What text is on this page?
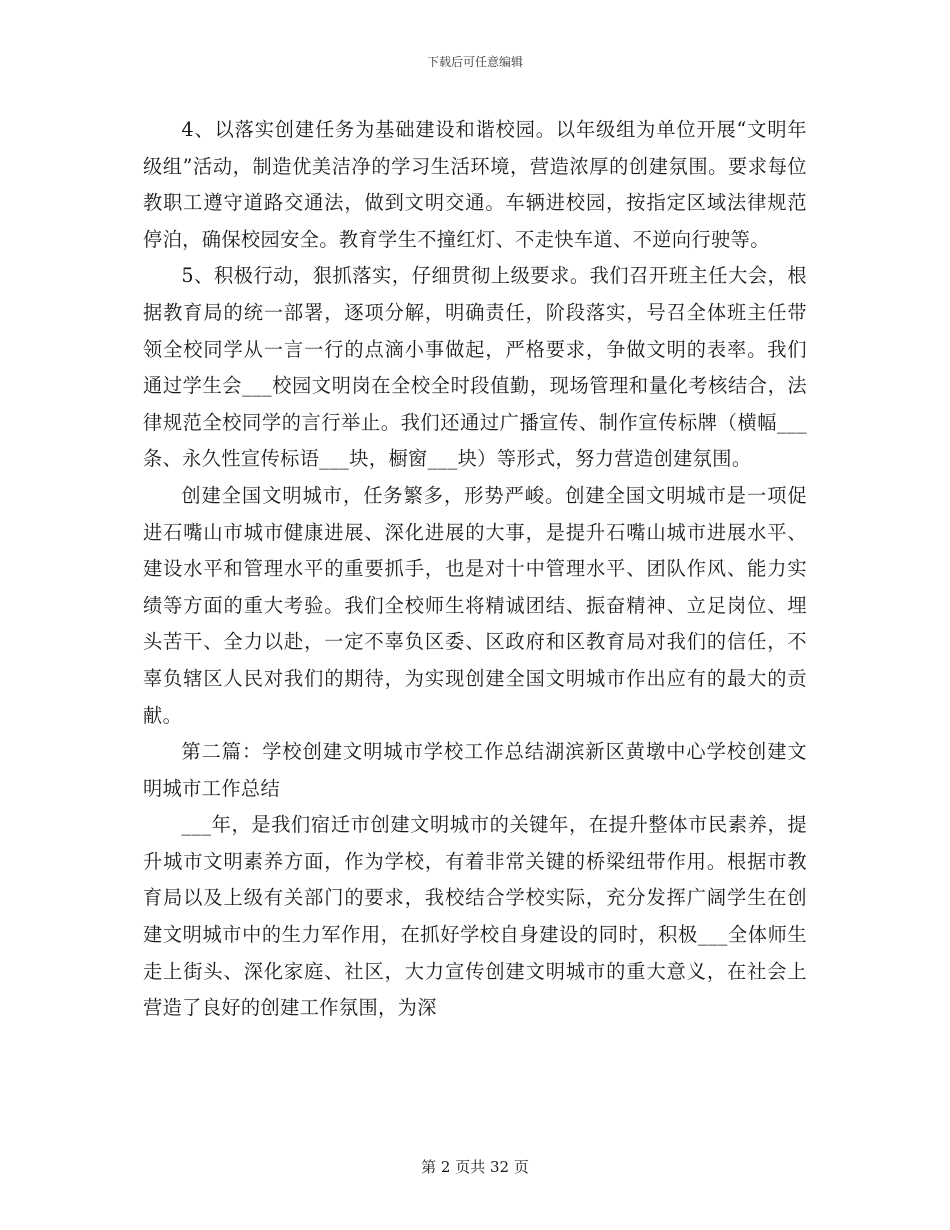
下载后可任意编辑

4、以落实创建任务为基础建设和谐校园。以年级组为单位开展“文明年级组”活动，制造优美洁净的学习生活环境，营造浓厚的创建氛围。要求每位教职工遵守道路交通法，做到文明交通。车辆进校园，按指定区域法律规范停泊，确保校园安全。教育学生不撞红灯、不走快车道、不逆向行驶等。

5、积极行动，狠抓落实，仔细贯彻上级要求。我们召开班主任大会，根据教育局的统一部署，逐项分解，明确责任，阶段落实，号召全体班主任带领全校同学从一言一行的点滴小事做起，严格要求，争做文明的表率。我们通过学生会___校园文明岗在全校全时段值勤，现场管理和量化考核结合，法律规范全校同学的言行举止。我们还通过广播宣传、制作宣传标牌（横幅___条、永久性宣传标语___块，橱窗___块）等形式，努力营造创建氛围。

创建全国文明城市，任务繁多，形势严峻。创建全国文明城市是一项促进石嘴山市城市健康进展、深化进展的大事，是提升石嘴山城市进展水平、建设水平和管理水平的重要抓手，也是对十中管理水平、团队作风、能力实绩等方面的重大考验。我们全校师生将精诚团结、振奋精神、立足岗位、埋头苦干、全力以赴，一定不辜负区委、区政府和区教育局对我们的信任，不辜负辖区人民对我们的期待，为实现创建全国文明城市作出应有的最大的贡献。

第二篇：学校创建文明城市学校工作总结湖滨新区黄墩中心学校创建文明城市工作总结

___年，是我们宿迁市创建文明城市的关键年，在提升整体市民素养，提升城市文明素养方面，作为学校，有着非常关键的桥梁纽带作用。根据市教育局以及上级有关部门的要求，我校结合学校实际，充分发挥广阔学生在创建文明城市中的生力军作用，在抓好学校自身建设的同时，积极___全体师生走上街头、深化家庭、社区，大力宣传创建文明城市的重大意义，在社会上营造了良好的创建工作氛围，为深

第 2 页共 32 页
